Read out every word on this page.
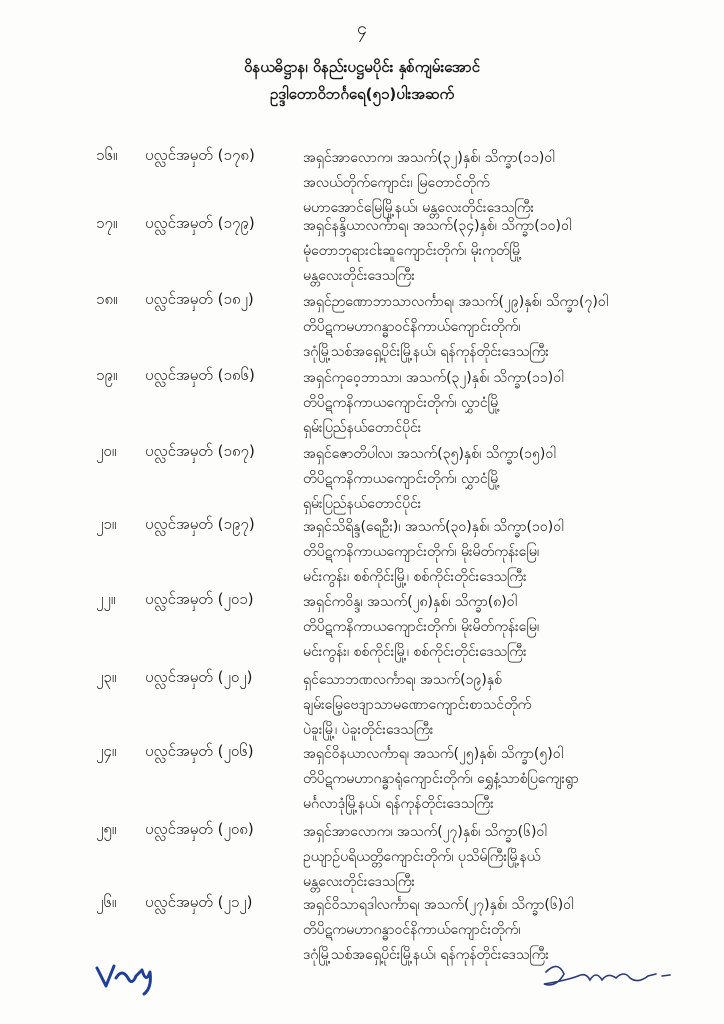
၄
ဝိနယဓိဋ္ဌာန၊ ဝိနည်းပဋ္ဌမပိုင်း နှစ်ကျမ်းအောင်
ဥဒ္ဒါတောဝိဘင်္ဂရေ(၅၁)ပါးအဆက်
၁၆။ ပလ္လင်အမှတ် (၁၇၈)	အရှင်အာလောက၊ အသက်(၃၂)နှစ်၊ သိက္ခာ(၁၁)ဝါ
အလယ်တိုက်ကျောင်း၊ မြတောင်တိုက်
မဟာအောင်မြေမြို့နယ်၊ မန္တလေးတိုင်းဒေသကြီး
၁၇။ ပလ္လင်အမှတ် (၁၇၉)	အရှင်နန္ဒိယာလင်္ကာရ၊ အသက်(၃၄)နှစ်၊ သိက္ခာ(၁၀)ဝါ
မုံတောဘုရားငါးဆူကျောင်းတိုက်၊ မိုးကုတ်မြို့
မန္တလေးတိုင်းဒေသကြီး
၁၈။ ပလ္လင်အမှတ် (၁၈၂)	အရှင်ဉာဏောဘာသာလင်္ကာရ၊ အသက်(၂၉)နှစ်၊ သိက္ခာ(၇)ဝါ
တိပိဋကမဟာဂန္ဓာဝင်နိကာယ်ကျောင်းတိုက်၊
ဒဂုံမြို့သစ်အရှေ့ပိုင်းမြို့နယ်၊ ရန်ကုန်တိုင်းဒေသကြီး
၁၉။ ပလ္လင်အမှတ် (၁၈၆)	အရှင်ကုဝေ့ဘာသာ၊ အသက်(၃၂)နှစ်၊ သိက္ခာ(၁၁)ဝါ
တိပိဋကနိကာယကျောင်းတိုက်၊ လွှာငံမြို့
ရှမ်းပြည်နယ်တောင်ပိုင်း
၂၀။ ပလ္လင်အမှတ် (၁၈၇)	အရှင်ဇောတိပါလ၊ အသက်(၃၅)နှစ်၊ သိက္ခာ(၁၅)ဝါ
တိပိဋကနိကာယကျောင်းတိုက်၊ လွှာငံမြို့
ရှမ်းပြည်နယ်တောင်ပိုင်း
၂၁။ ပလ္လင်အမှတ် (၁၉၇)	အရှင်သိရိန္ဒ(ရေဦး)၊ အသက်(၃၀)နှစ်၊ သိက္ခာ(၁၀)ဝါ
တိပိဋကနိကာယကျောင်းတိုက်၊ မိုးမိတ်ကုန်းမြေ၊
မင်းကွန်း၊ စစ်ကိုင်းမြို့၊ စစ်ကိုင်းတိုင်းဒေသကြီး
၂၂။ ပလ္လင်အမှတ် (၂၀၁)	အရှင်ကဝိန္ဒ၊ အသက်(၂၈)နှစ်၊ သိက္ခာ(၈)ဝါ
တိပိဋကနိကာယကျောင်းတိုက်၊ မိုးမိတ်ကုန်းမြေ၊
မင်းကွန်း၊ စစ်ကိုင်းမြို့၊ စစ်ကိုင်းတိုင်းဒေသကြီး
၂၃။ ပလ္လင်အမှတ် (၂၀၂)	ရှင်သောဘဏလင်္ကာရ၊ အသက်(၁၉)နှစ်
ချမ်းမြေ့ဗေဒျာသာမဏောကျောင်းစာသင်တိုက်
ပဲခူးမြို့၊ ပဲခူးတိုင်းဒေသကြီး
၂၄။ ပလ္လင်အမှတ် (၂၀၆)	အရှင်ဝိနယာလင်္ကာရ၊ အသက်(၂၅)နှစ်၊ သိက္ခာ(၅)ဝါ
တိပိဋကမဟာဂန္ဓာရုံကျောင်းတိုက်၊ ရွှေနံ့သာစံပြကျေးရွာ
မင်္ဂလာဒုံမြို့နယ်၊ ရန်ကုန်တိုင်းဒေသကြီး
၂၅။ ပလ္လင်အမှတ် (၂၀၈)	အရှင်အာလောက၊ အသက်(၂၇)နှစ်၊ သိက္ခာ(၆)ဝါ
ဥယျာဉ်ပရိယတ္တိကျောင်းတိုက်၊ ပုသိမ်ကြီးမြို့နယ်
မန္တလေးတိုင်းဒေသကြီး
၂၆။ ပလ္လင်အမှတ် (၂၁၂)	အရှင်ဝိသာရဒါလင်္ကာရ၊ အသက်(၂၇)နှစ်၊ သိက္ခာ(၆)ဝါ
တိပိဋကမဟာဂန္ဓာဝင်နိကာယ်ကျောင်းတိုက်၊
ဒဂုံမြို့သစ်အရှေ့ပိုင်းမြို့နယ်၊ ရန်ကုန်တိုင်းဒေသကြီး
